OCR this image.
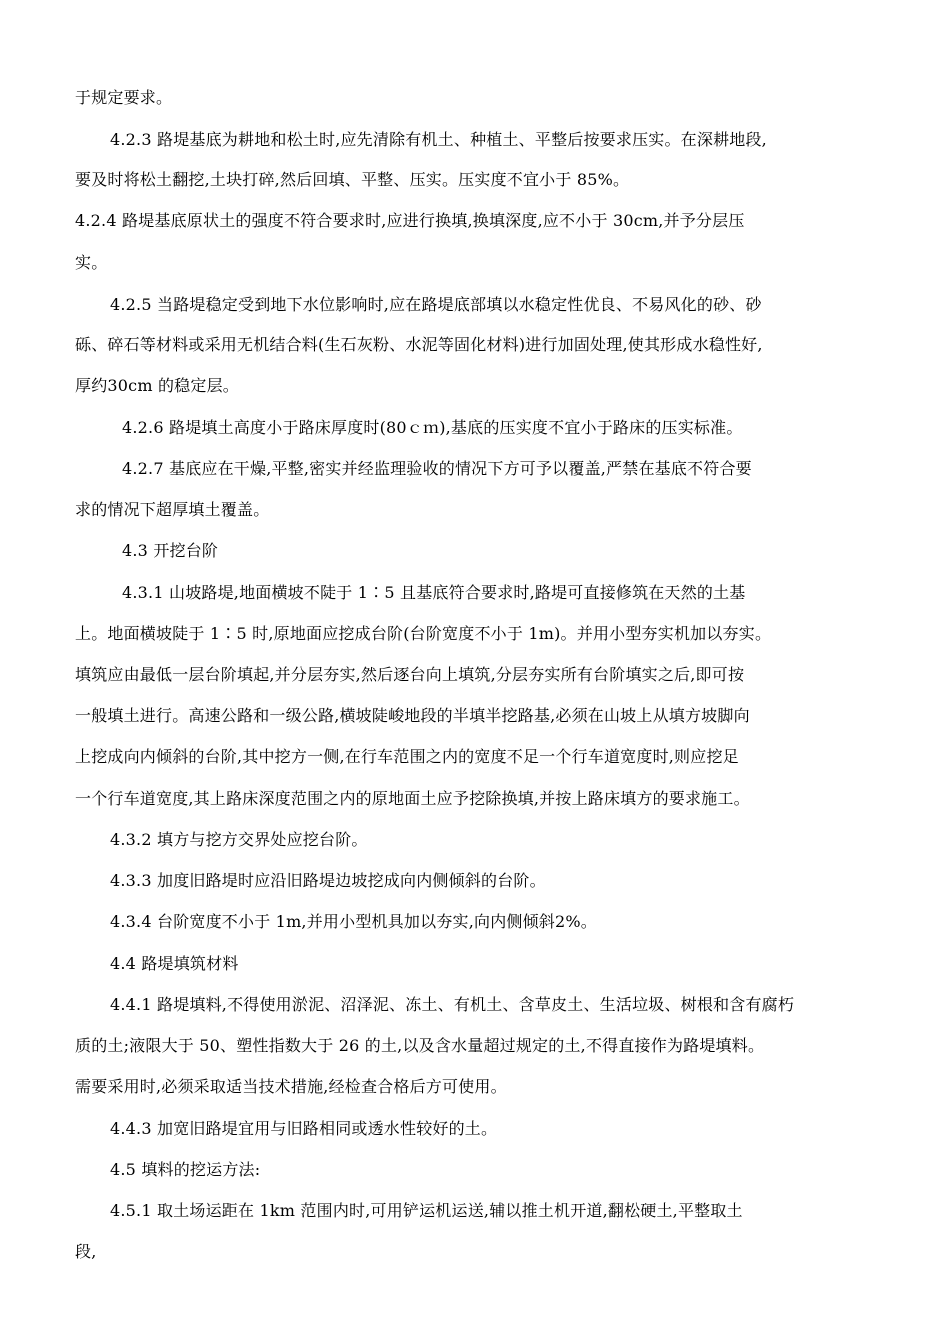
于规定要求。
4.2.3 路堤基底为耕地和松土时,应先清除有机土、种植土、平整后按要求压实。在深耕地段,
要及时将松土翻挖,土块打碎,然后回填、平整、压实。压实度不宜小于 85%。
4.2.4 路堤基底原状土的强度不符合要求时,应进行换填,换填深度,应不小于 30cm,并予分层压
实。
4.2.5 当路堤稳定受到地下水位影响时,应在路堤底部填以水稳定性优良、不易风化的砂、砂
砾、碎石等材料或采用无机结合料(生石灰粉、水泥等固化材料)进行加固处理,使其形成水稳性好,
厚约30cm 的稳定层。
4.2.6 路堤填土高度小于路床厚度时(80ｃｍ),基底的压实度不宜小于路床的压实标准。
4.2.7 基底应在干燥,平整,密实并经监理验收的情况下方可予以覆盖,严禁在基底不符合要
求的情况下超厚填土覆盖。
4.3 开挖台阶
4.3.1 山坡路堤,地面横坡不陡于 1∶5 且基底符合要求时,路堤可直接修筑在天然的土基
上。地面横坡陡于 1∶5 时,原地面应挖成台阶(台阶宽度不小于 1m)。并用小型夯实机加以夯实。
填筑应由最低一层台阶填起,并分层夯实,然后逐台向上填筑,分层夯实所有台阶填实之后,即可按
一般填土进行。高速公路和一级公路,横坡陡峻地段的半填半挖路基,必须在山坡上从填方坡脚向
上挖成向内倾斜的台阶,其中挖方一侧,在行车范围之内的宽度不足一个行车道宽度时,则应挖足
一个行车道宽度,其上路床深度范围之内的原地面土应予挖除换填,并按上路床填方的要求施工。
4.3.2 填方与挖方交界处应挖台阶。
4.3.3 加度旧路堤时应沿旧路堤边坡挖成向内侧倾斜的台阶。
4.3.4 台阶宽度不小于 1m,并用小型机具加以夯实,向内侧倾斜2%。
4.4 路堤填筑材料
4.4.1 路堤填料,不得使用淤泥、沼泽泥、冻土、有机土、含草皮土、生活垃圾、树根和含有腐朽
质的土;液限大于 50、塑性指数大于 26 的土,以及含水量超过规定的土,不得直接作为路堤填料。
需要采用时,必须采取适当技术措施,经检查合格后方可使用。
4.4.3 加宽旧路堤宜用与旧路相同或透水性较好的土。
4.5 填料的挖运方法:
4.5.1 取土场运距在 1km 范围内时,可用铲运机运送,辅以推土机开道,翻松硬土,平整取土
段,
